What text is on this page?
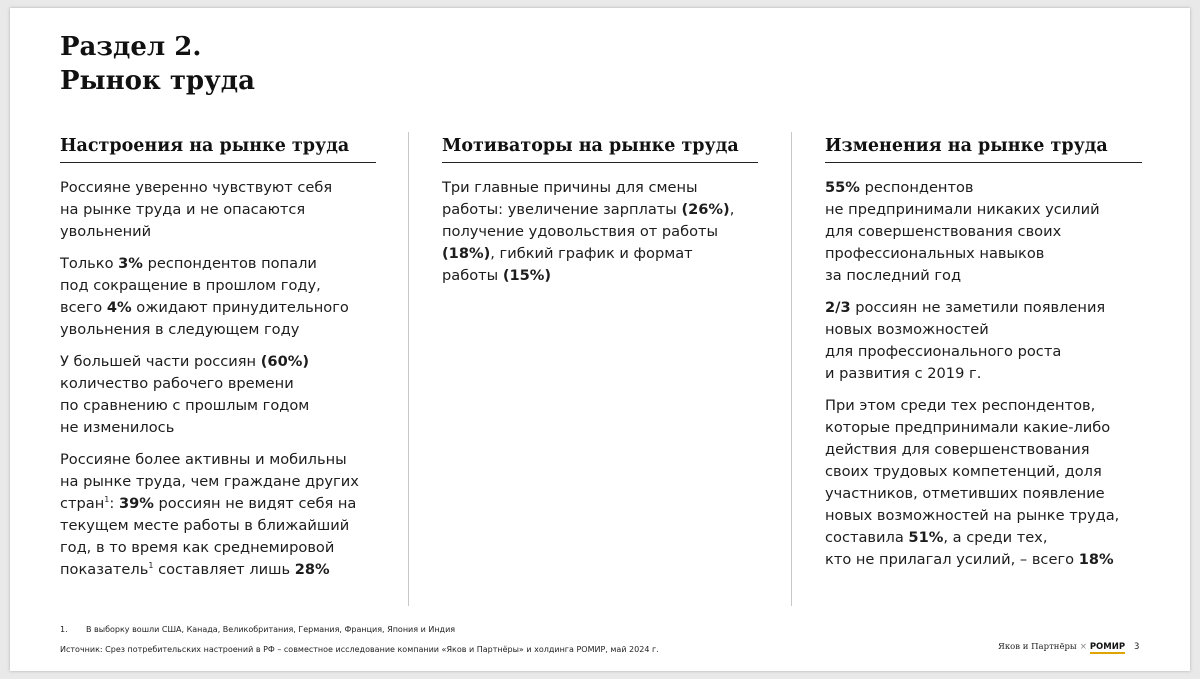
Раздел 2.
Рынок труда
Настроения на рынке труда

Россияне уверенно чувствуют себя
на рынке труда и не опасаются
увольнений

Только 3% респондентов попали
под сокращение в прошлом году,
всего 4% ожидают принудительного
увольнения в следующем году

У большей части россиян (60%)
количество рабочего времени
по сравнению с прошлым годом
не изменилось

Россияне более активны и мобильны
на рынке труда, чем граждане других
стран$^1$: 39% россиян не видят себя на
текущем месте работы в ближайший
год, в то время как среднемировой
показатель$^1$ составляет лишь 28%

Мотиваторы на рынке труда

Три главные причины для смены
работы: увеличение зарплаты (26%),
получение удовольствия от работы
(18%), гибкий график и формат
работы (15%)

Изменения на рынке труда

55% респондентов
не предпринимали никаких усилий
для совершенствования своих
профессиональных навыков
за последний год

2/3 россиян не заметили появления
новых возможностей
для профессионального роста
и развития с 2019 г.

При этом среди тех респондентов,
которые предпринимали какие-либо
действия для совершенствования
своих трудовых компетенций, доля
участников, отметивших появление
новых возможностей на рынке труда,
составила 51%, а среди тех,
кто не прилагал усилий, – всего 18%

1. В выборку вошли США, Канада, Великобритания, Германия, Франция, Япония и Индия
Источник: Срез потребительских настроений в РФ – совместное исследование компании «Яков и Партнёры» и холдинга РОМИР, май 2024 г.	Яков и Партнёры × РОМИР 3
